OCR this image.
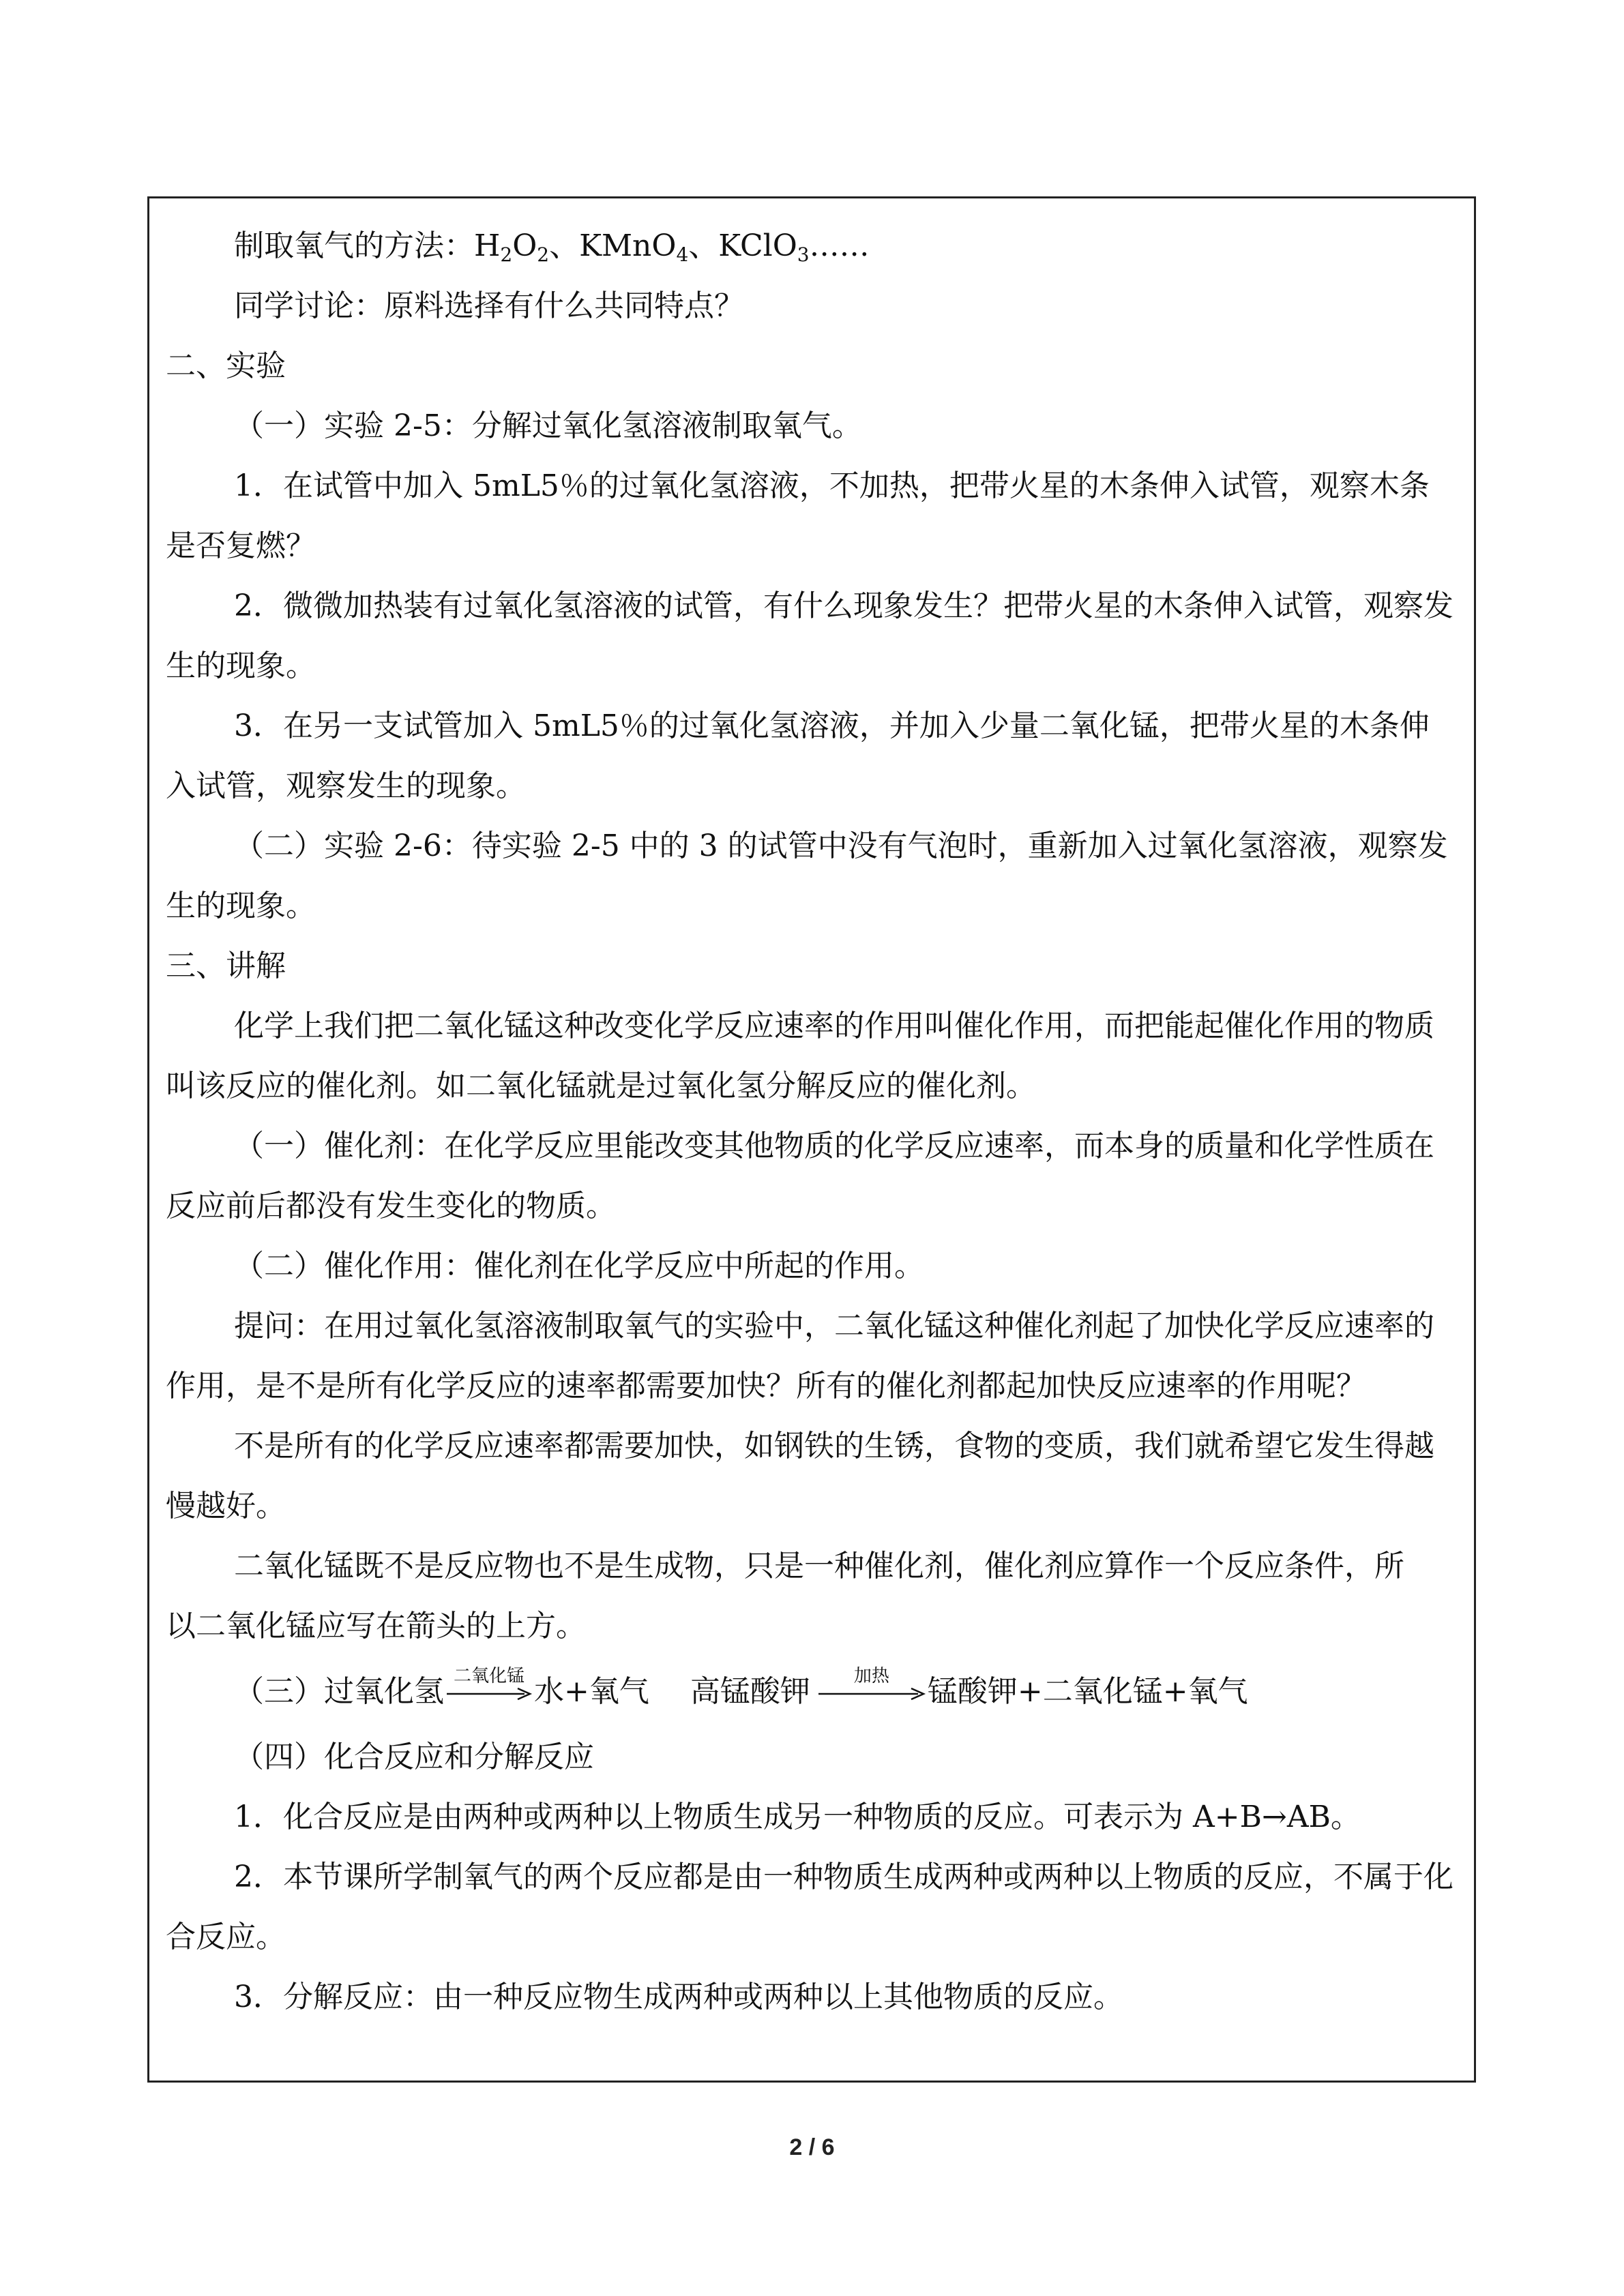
制取氧气的方法：$H_2O_2$、KMnO$_4$、KClO$_3$……

同学讨论：原料选择有什么共同特点？

二、实验

（一）实验 2-5：分解过氧化氢溶液制取氧气。

1．在试管中加入 5mL5％的过氧化氢溶液，不加热，把带火星的木条伸入试管，观察木条是否复燃？

2．微微加热装有过氧化氢溶液的试管，有什么现象发生？把带火星的木条伸入试管，观察发生的现象。

3．在另一支试管加入 5mL5％的过氧化氢溶液，并加入少量二氧化锰，把带火星的木条伸入试管，观察发生的现象。

（二）实验 2-6：待实验 2-5 中的 3 的试管中没有气泡时，重新加入过氧化氢溶液，观察发生的现象。

三、讲解

化学上我们把二氧化锰这种改变化学反应速率的作用叫催化作用，而把能起催化作用的物质叫该反应的催化剂。如二氧化锰就是过氧化氢分解反应的催化剂。

（一）催化剂：在化学反应里能改变其他物质的化学反应速率，而本身的质量和化学性质在反应前后都没有发生变化的物质。

（二）催化作用：催化剂在化学反应中所起的作用。

提问：在用过氧化氢溶液制取氧气的实验中，二氧化锰这种催化剂起了加快化学反应速率的作用，是不是所有化学反应的速率都需要加快？所有的催化剂都起加快反应速率的作用呢？

不是所有的化学反应速率都需要加快，如钢铁的生锈，食物的变质，我们就希望它发生得越慢越好。

二氧化锰既不是反应物也不是生成物，只是一种催化剂，催化剂应算作一个反应条件，所以二氧化锰应写在箭头的上方。

（三）过氧化氢 二氧化锰 水+氧气 高锰酸钾	加热	锰酸钾+二氧化锰+氧气

（四）化合反应和分解反应

1．化合反应是由两种或两种以上物质生成另一种物质的反应。可表示为 A+B→AB。

2．本节课所学制氧气的两个反应都是由一种物质生成两种或两种以上物质的反应，不属于化合反应。

3．分解反应：由一种反应物生成两种或两种以上其他物质的反应。

2 / 6
